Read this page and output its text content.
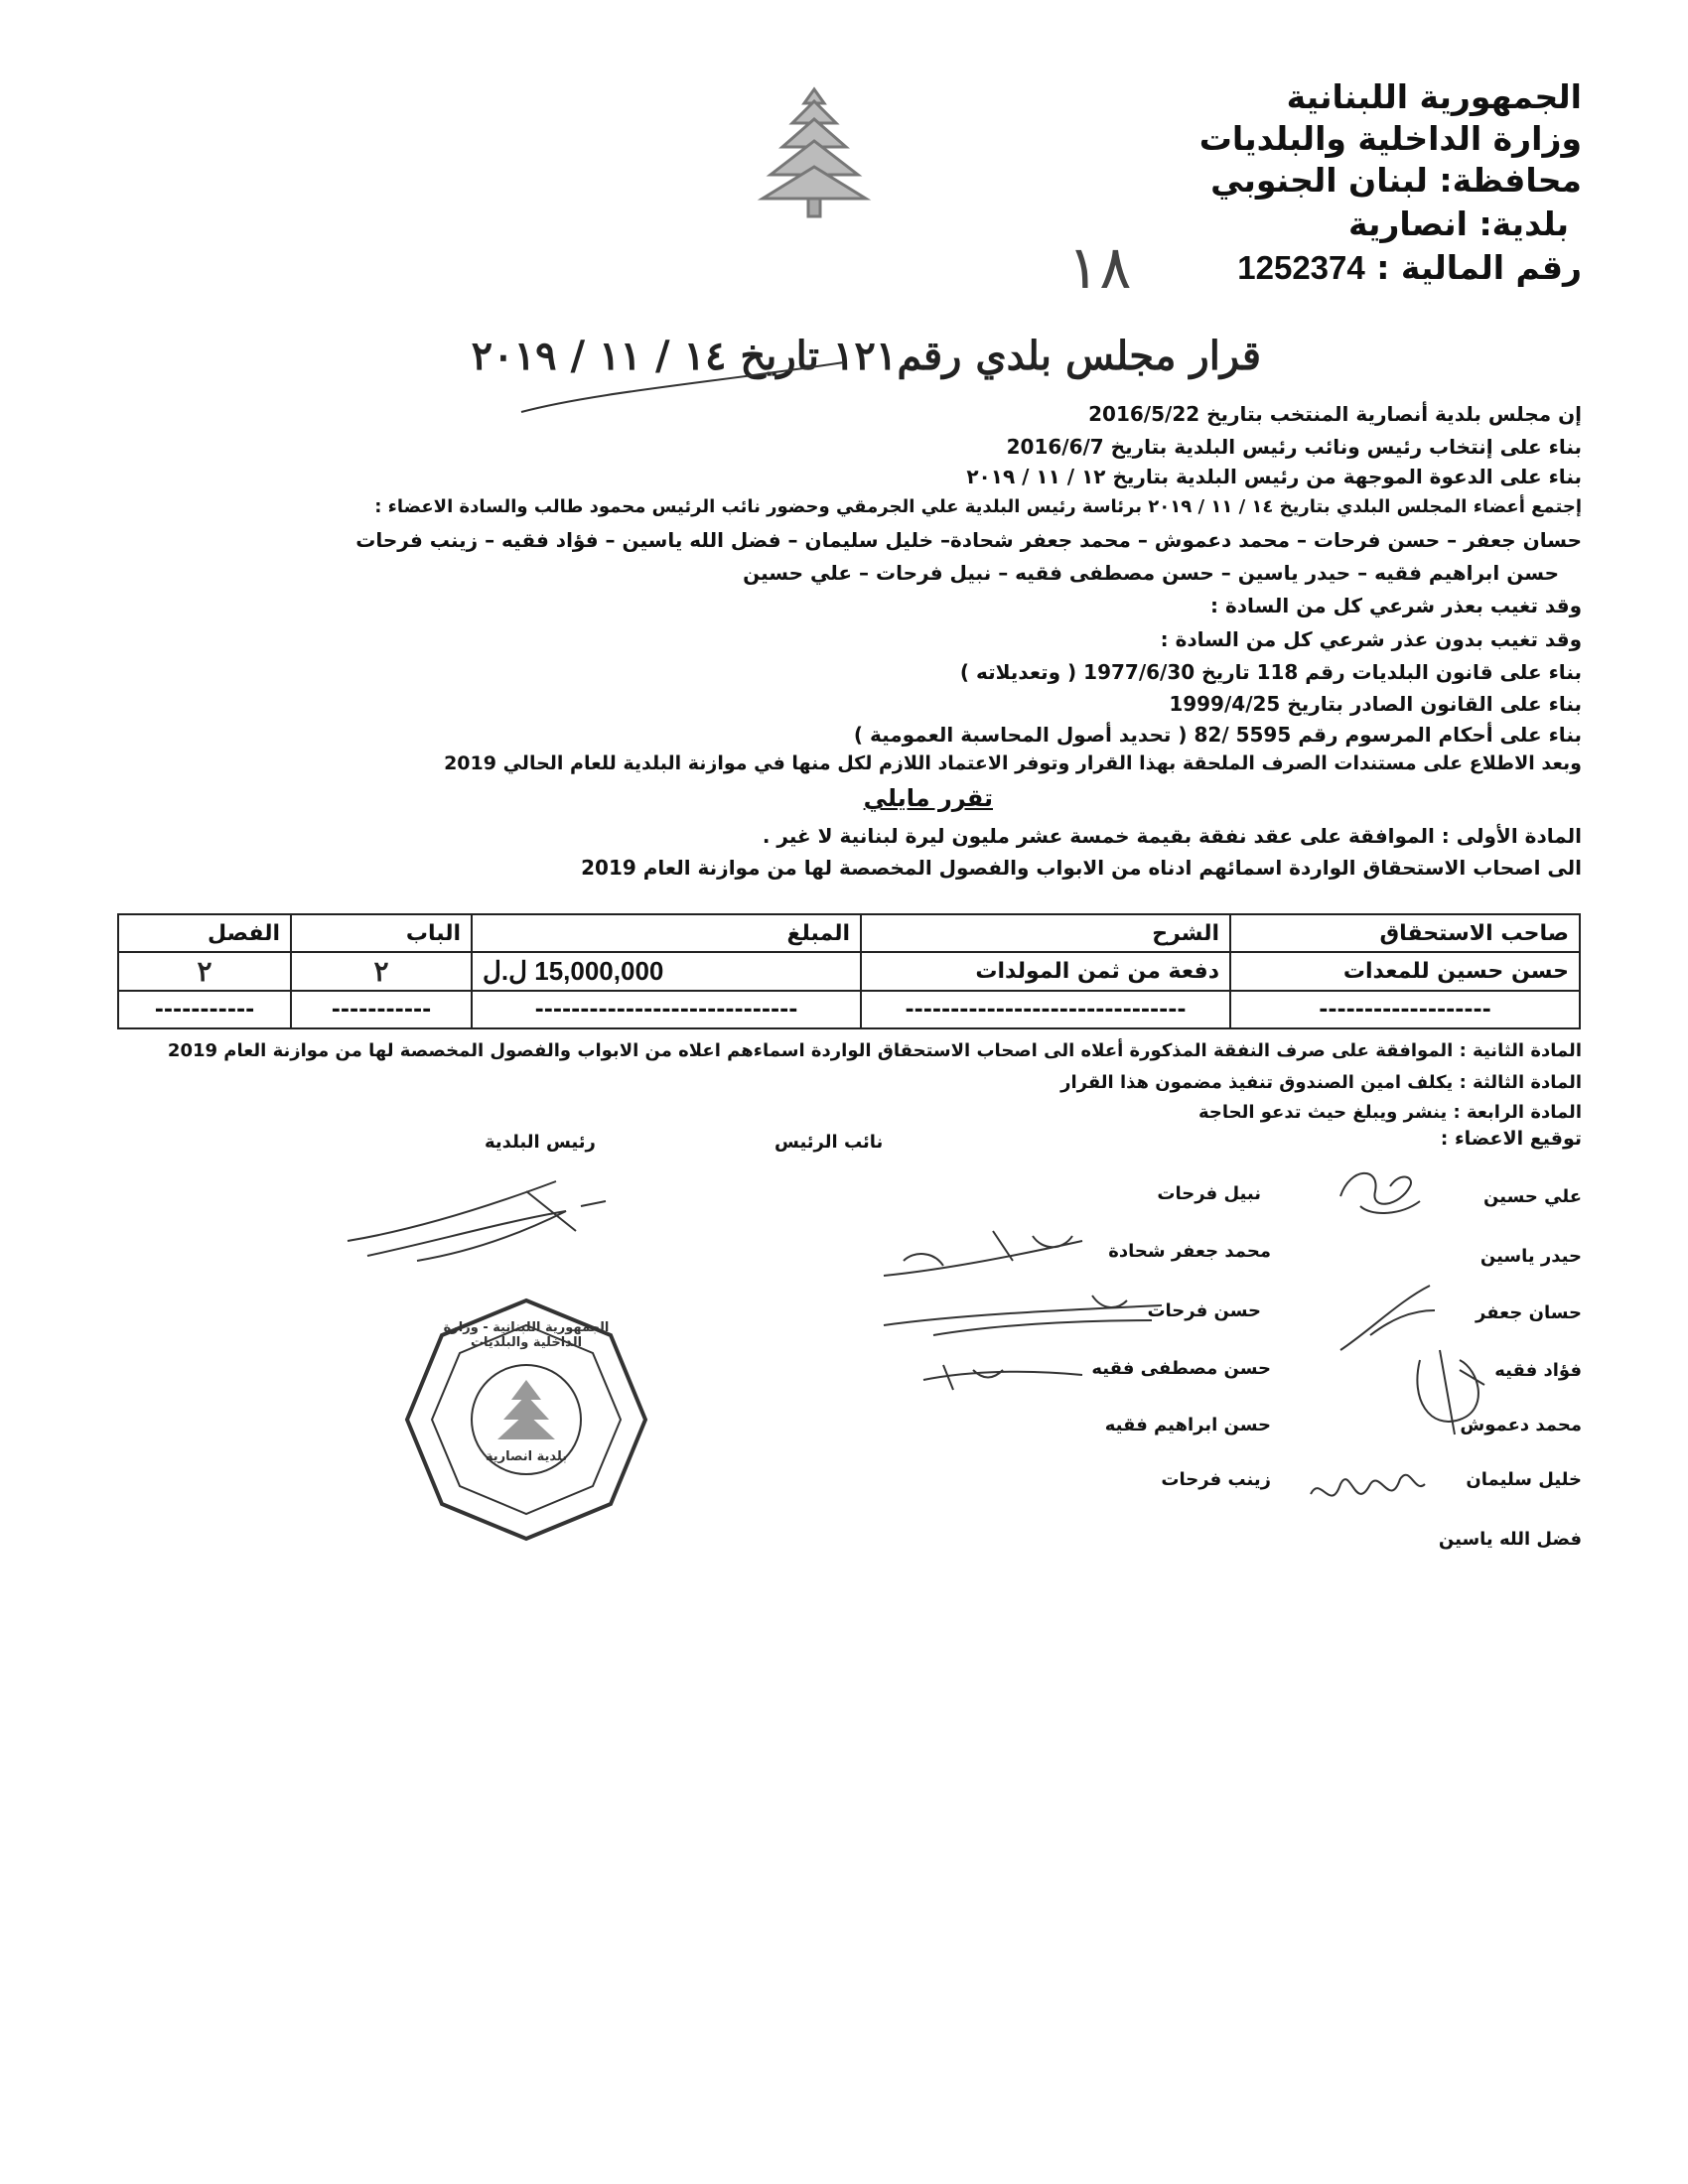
الجمهورية اللبنانية
وزارة الداخلية والبلديات
محافظة: لبنان الجنوبي
بلدية: انصارية
رقم المالية : 1252374
١٨
قرار مجلس بلدي رقم١٢١ تاريخ ١٤ / ١١ / ٢٠١٩
إن مجلس بلدية أنصارية المنتخب بتاريخ 2016/5/22
بناء على إنتخاب رئيس ونائب رئيس البلدية بتاريخ 2016/6/7
بناء على الدعوة الموجهة من رئيس البلدية بتاريخ ١٢ / ١١ / ٢٠١٩
إجتمع أعضاء المجلس البلدي بتاريخ ١٤ / ١١ / ٢٠١٩ برئاسة رئيس البلدية علي الجرمقي وحضور نائب الرئيس محمود طالب والسادة الاعضاء :
حسان جعفر – حسن فرحات – محمد دعموش – محمد جعفر شحادة– خليل سليمان – فضل الله ياسين – فؤاد فقيه – زينب فرحات
حسن ابراهيم فقيه – حيدر ياسين – حسن مصطفى فقيه – نبيل فرحات – علي حسين
وقد تغيب بعذر شرعي كل من السادة :
وقد تغيب بدون عذر شرعي كل من السادة :
بناء على قانون البلديات رقم 118 تاريخ 1977/6/30 ( وتعديلاته )
بناء على القانون الصادر بتاريخ 1999/4/25
بناء على أحكام المرسوم رقم 5595 /82 ( تحديد أصول المحاسبة العمومية )
وبعد الاطلاع على مستندات الصرف الملحقة بهذا القرار وتوفر الاعتماد اللازم لكل منها في موازنة البلدية للعام الحالي 2019
تقرر مايلي
المادة الأولى : الموافقة على عقد نفقة بقيمة خمسة عشر مليون ليرة لبنانية لا غير .
الى اصحاب الاستحقاق الواردة اسمائهم ادناه من الابواب والفصول المخصصة لها من موازنة العام 2019
صاحب الاستحقاق	الشرح	المبلغ	الباب	الفصل
حسن حسين للمعدات	دفعة من ثمن المولدات	15,000,000 ل.ل	٢	٢
-------------------	-------------------------------	-----------------------------	-----------	-----------
المادة الثانية : الموافقة على صرف النفقة المذكورة أعلاه الى اصحاب الاستحقاق الواردة اسماءهم اعلاه من الابواب والفصول المخصصة لها من موازنة العام 2019
المادة الثالثة : يكلف امين الصندوق تنفيذ مضمون هذا القرار
المادة الرابعة : ينشر ويبلغ حيث تدعو الحاجة
توقيع الاعضاء :
رئيس البلدية	نائب الرئيس
علي حسين
حيدر ياسين
حسان جعفر
فؤاد فقيه
محمد دعموش
خليل سليمان
فضل الله ياسين
نبيل فرحات
محمد جعفر شحادة
حسن فرحات
حسن مصطفى فقيه
حسن ابراهيم فقيه
زينب فرحات
الجمهورية اللبنانية - وزارة الداخلية والبلديات
بلدية انصارية
